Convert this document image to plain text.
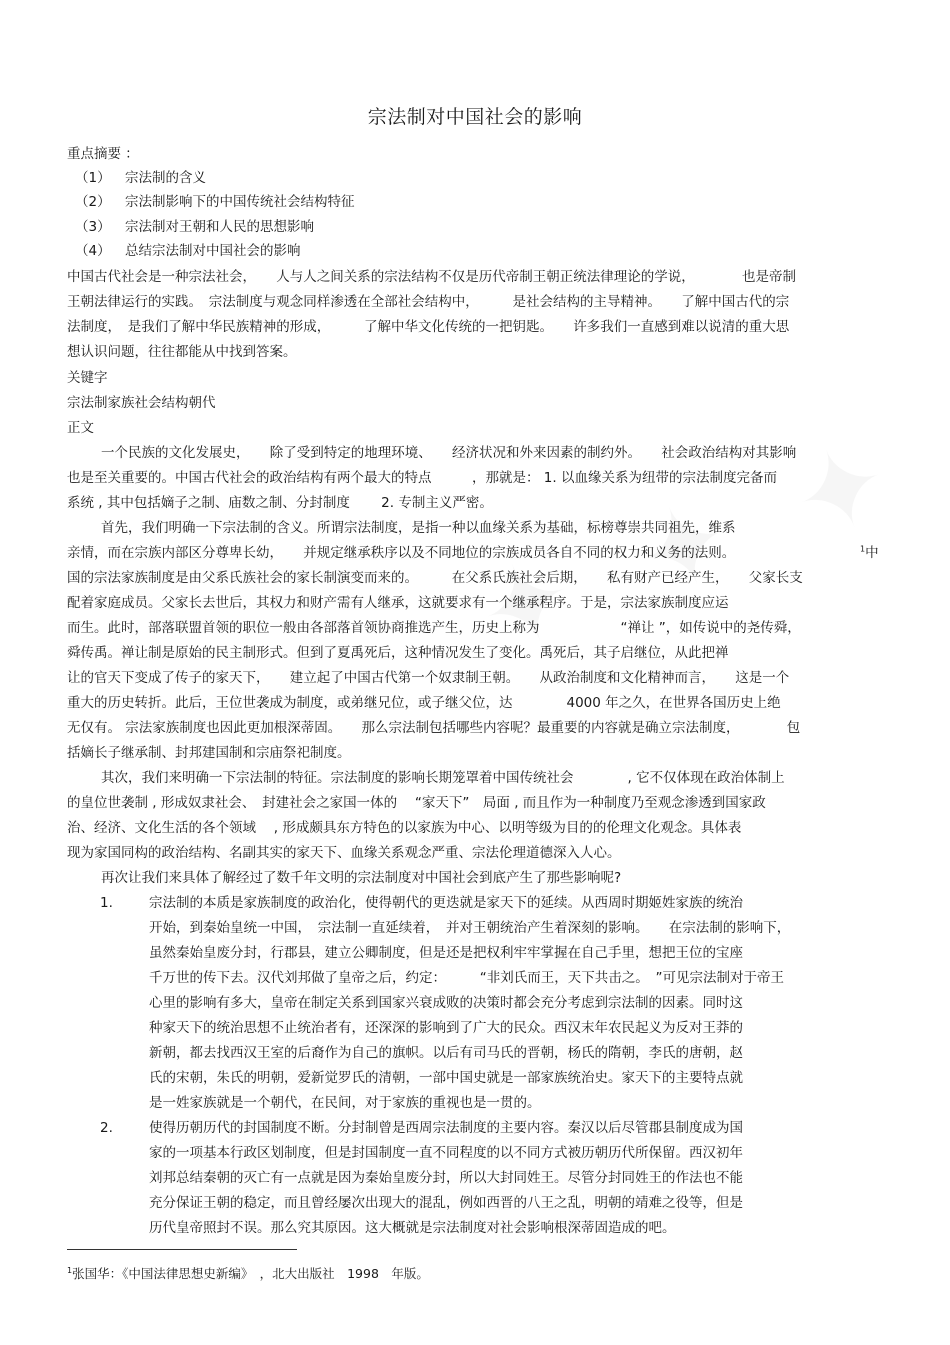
宗法制对中国社会的影响
重点摘要 ：
（1） 宗法制的含义
（2） 宗法制影响下的中国传统社会结构特征
（3） 宗法制对王朝和人民的思想影响
（4） 总结宗法制对中国社会的影响
中国古代社会是一种宗法社会，　　人与人之间关系的宗法结构不仅是历代帝制王朝正统法律理论的学说，　　　　也是帝制
王朝法律运行的实践。　宗法制度与观念同样渗透在全部社会结构中，　　　是社会结构的主导精神。　　了解中国古代的宗
法制度，　是我们了解中华民族精神的形成，　　　了解中华文化传统的一把钥匙。　　许多我们一直感到难以说清的重大思
想认识问题，往往都能从中找到答案。
关键字
宗法制家族社会结构朝代
正文
一个民族的文化发展史，　　除了受到特定的地理环境、　　经济状况和外来因素的制约外。　　社会政治结构对其影响
也是至关重要的。中国古代社会的政治结构有两个最大的特点　　　，那就是： 1. 以血缘关系为纽带的宗法制度完备而
系统 , 其中包括嫡子之制、庙数之制、分封制度　　 2. 专制主义严密。
首先，我们明确一下宗法制的含义。所谓宗法制度，是指一种以血缘关系为基础，标榜尊崇共同祖先，维系
亲情，而在宗族内部区分尊卑长幼，　　并规定继承秩序以及不同地位的宗族成员各自不同的权力和义务的法则。	$^1$中
国的宗法家族制度是由父系氏族社会的家长制演变而来的。　　　在父系氏族社会后期，　　私有财产已经产生，　　父家长支
配着家庭成员。父家长去世后，其权力和财产需有人继承，这就要求有一个继承程序。于是，宗法家族制度应运
而生。此时，部落联盟首领的职位一般由各部落首领协商推选产生，历史上称为　　　　　　“禅让 ”，如传说中的尧传舜，
舜传禹。禅让制是原始的民主制形式。但到了夏禹死后，这种情况发生了变化。禹死后，其子启继位，从此把禅
让的官天下变成了传子的家天下，　　建立起了中国古代第一个奴隶制王朝。　　从政治制度和文化精神而言，　　这是一个
重大的历史转折。此后，王位世袭成为制度，或弟继兄位，或子继父位，达　　　　4000 年之久，在世界各国历史上绝
无仅有。 宗法家族制度也因此更加根深蒂固。　　那么宗法制包括哪些内容呢？最重要的内容就是确立宗法制度，　　　　包
括嫡长子继承制、封邦建国制和宗庙祭祀制度。
其次，我们来明确一下宗法制的特征。宗法制度的影响长期笼罩着中国传统社会　　　　, 它不仅体现在政治体制上
的皇位世袭制 , 形成奴隶社会、　封建社会之家国一体的　 “家天下”　局面 , 而且作为一种制度乃至观念渗透到国家政
治、经济、文化生活的各个领域　 , 形成颇具东方特色的以家族为中心、以明等级为目的的伦理文化观念。具体表
现为家国同构的政治结构、名副其实的家天下、血缘关系观念严重、宗法伦理道德深入人心。
再次让我们来具体了解经过了数千年文明的宗法制度对中国社会到底产生了那些影响呢?
1.	宗法制的本质是家族制度的政治化，使得朝代的更迭就是家天下的延续。从西周时期姬姓家族的统治
开始，到秦始皇统一中国，　宗法制一直延续着，　并对王朝统治产生着深刻的影响。　　在宗法制的影响下，
虽然秦始皇废分封，行郡县，建立公卿制度，但是还是把权利牢牢掌握在自己手里，想把王位的宝座
千万世的传下去。汉代刘邦做了皇帝之后，约定：　　　“非刘氏而王，天下共击之。　”可见宗法制对于帝王
心里的影响有多大，皇帝在制定关系到国家兴衰成败的决策时都会充分考虑到宗法制的因素。同时这
种家天下的统治思想不止统治者有，还深深的影响到了广大的民众。西汉末年农民起义为反对王莽的
新朝，都去找西汉王室的后裔作为自己的旗帜。以后有司马氏的晋朝，杨氏的隋朝，李氏的唐朝，赵
氏的宋朝，朱氏的明朝，爱新觉罗氏的清朝，一部中国史就是一部家族统治史。家天下的主要特点就
是一姓家族就是一个朝代，在民间，对于家族的重视也是一贯的。
2.	使得历朝历代的封国制度不断。分封制曾是西周宗法制度的主要内容。秦汉以后尽管郡县制度成为国
家的一项基本行政区划制度，但是封国制度一直不同程度的以不同方式被历朝历代所保留。西汉初年
刘邦总结秦朝的灭亡有一点就是因为秦始皇废分封，所以大封同姓王。尽管分封同姓王的作法也不能
充分保证王朝的稳定，而且曾经屡次出现大的混乱，例如西晋的八王之乱，明朝的靖难之役等，但是
历代皇帝照封不误。那么究其原因。这大概就是宗法制度对社会影响根深蒂固造成的吧。
$^1$张国华：《中国法律思想史新编》　，北大出版社　1998　年版。
